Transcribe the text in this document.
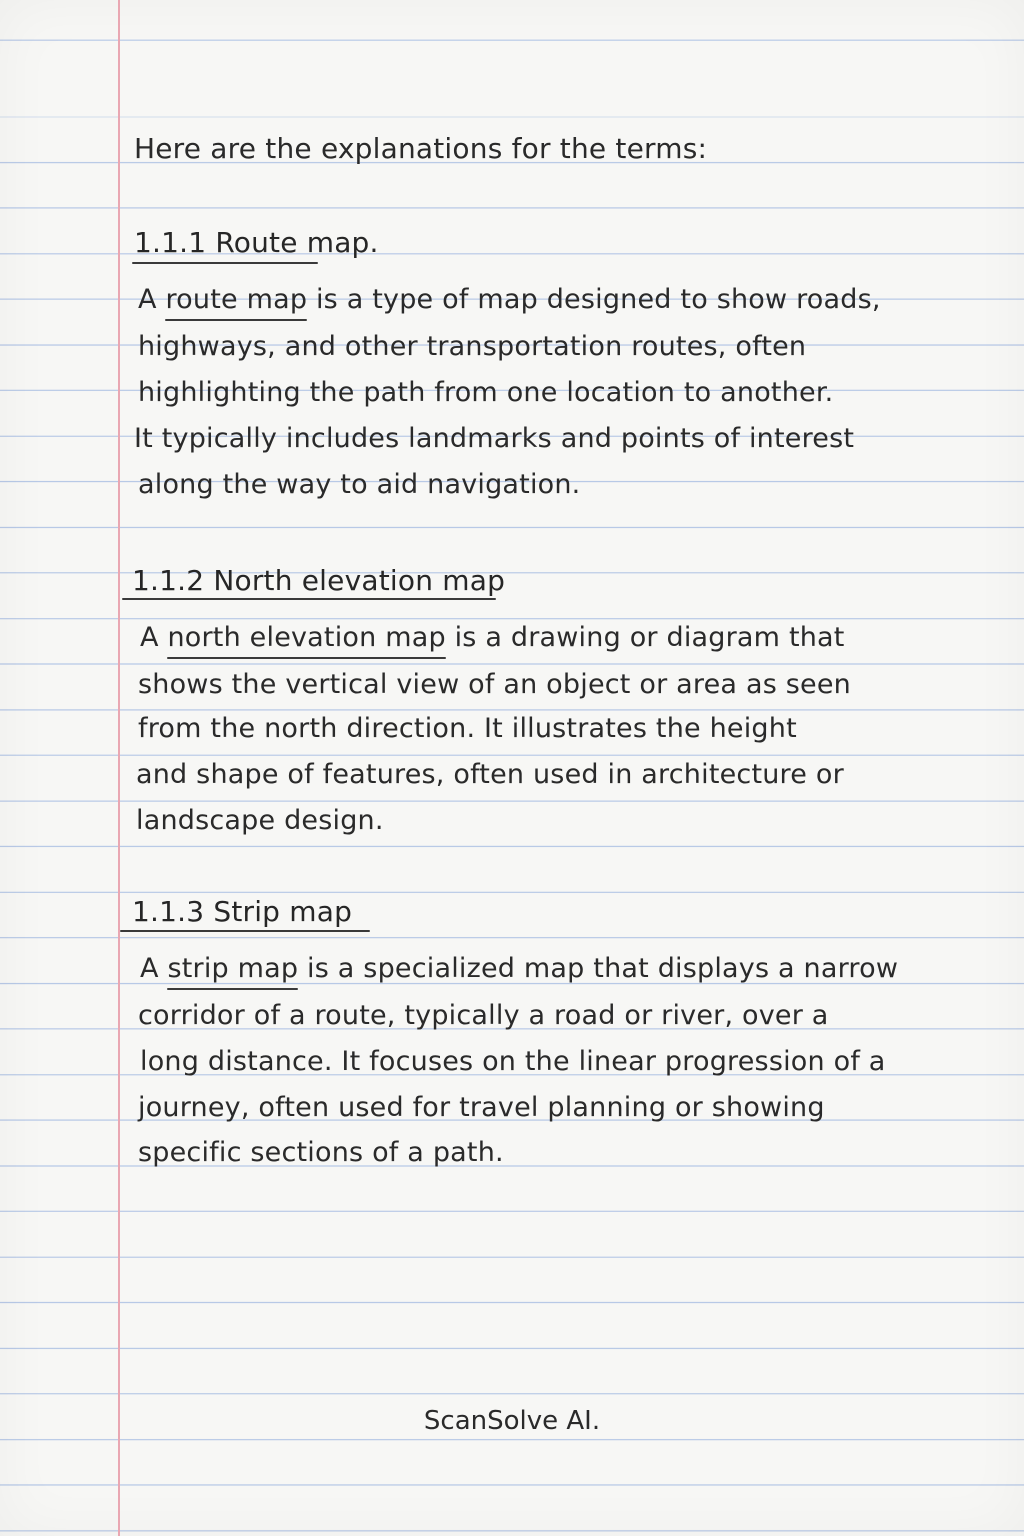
Here are the explanations for the terms:
1.1.1 Route map.
A route map is a type of map designed to show roads,
highways, and other transportation routes, often
highlighting the path from one location to another.
It typically includes landmarks and points of interest
along the way to aid navigation.
1.1.2 North elevation map
A north elevation map is a drawing or diagram that
shows the vertical view of an object or area as seen
from the north direction. It illustrates the height
and shape of features, often used in architecture or
landscape design.
1.1.3 Strip map
A strip map is a specialized map that displays a narrow
corridor of a route, typically a road or river, over a
long distance. It focuses on the linear progression of a
journey, often used for travel planning or showing
specific sections of a path.
ScanSolve AI.
